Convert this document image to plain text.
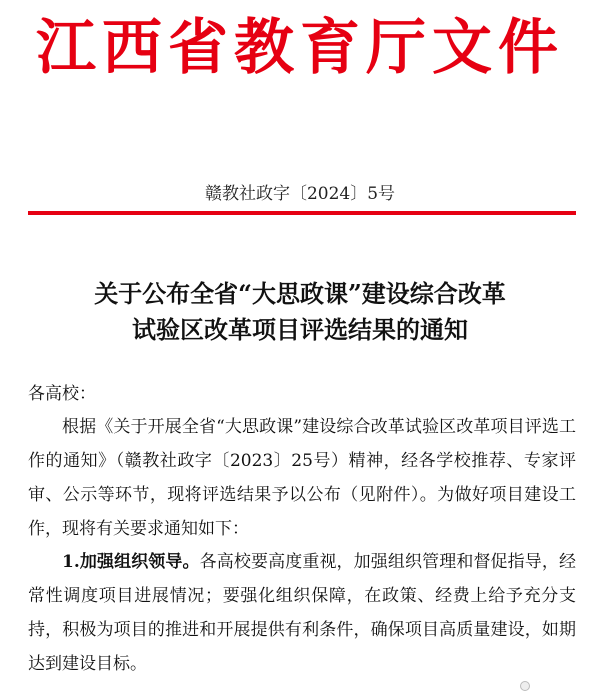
江西省教育厅文件
赣教社政字〔2024〕5号
关于公布全省“大思政课”建设综合改革
试验区改革项目评选结果的通知
各高校：

根据《关于开展全省“大思政课”建设综合改革试验区改革项目评选工作的通知》（赣教社政字〔2023〕25号）精神，经各学校推荐、专家评审、公示等环节，现将评选结果予以公布（见附件）。为做好项目建设工作，现将有关要求通知如下：

1.加强组织领导。各高校要高度重视，加强组织管理和督促指导，经常性调度项目进展情况；要强化组织保障，在政策、经费上给予充分支持，积极为项目的推进和开展提供有利条件，确保项目高质量建设，如期达到建设目标。
